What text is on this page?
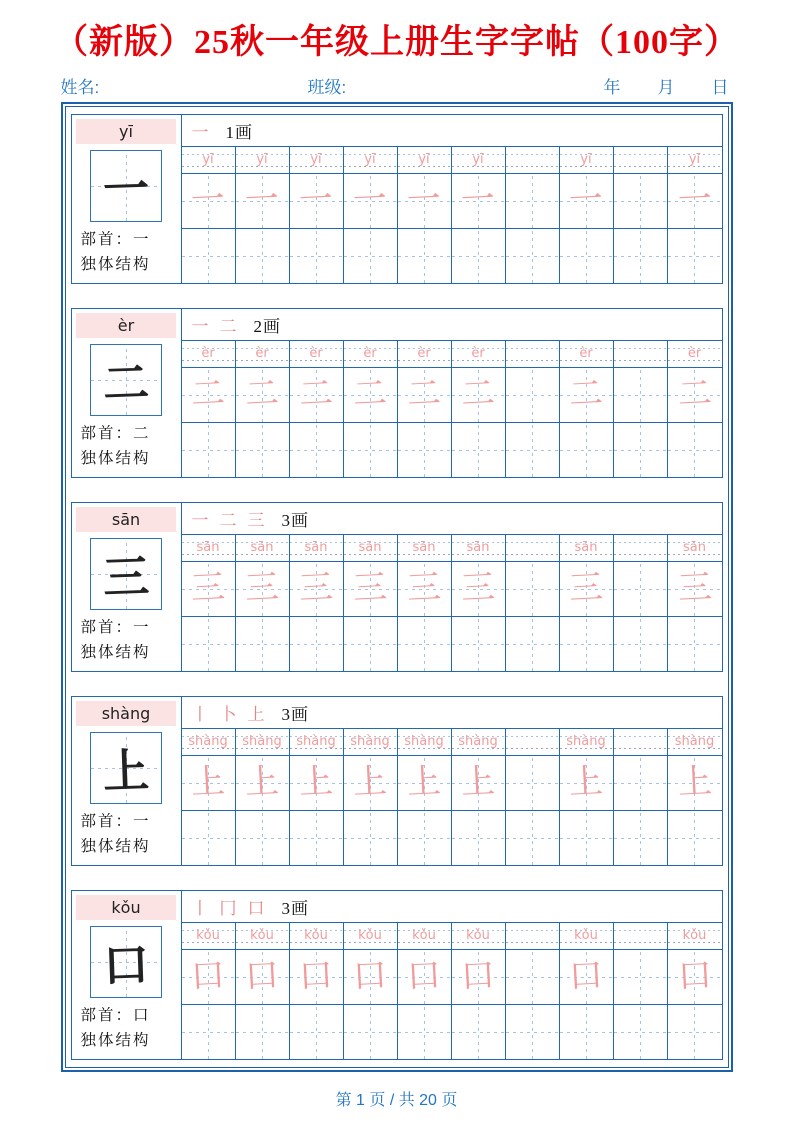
（新版）25秋一年级上册生字字帖（100字）
姓名:	班级:	年 月 日
yī
一
部首：一
独体结构
一 1画
yī	yī	yī	yī	yī	yī	yī	yī
一 一 一 一 一 一 一 一
èr
二
部首：二
独体结构
一 二 2画
èr	èr	èr	èr	èr	èr	èr	èr
二 二 二 二 二 二 二 二
sān
三
部首：一
独体结构
一 二 三 3画
sān	sān	sān	sān	sān	sān	sān	sān
三 三 三 三 三 三 三 三
shàng
上
部首：一
独体结构
丨 卜 上 3画
shàng	shàng	shàng	shàng	shàng	shàng	shàng	shàng
上 上 上 上 上 上 上 上
kǒu
口
部首：口
独体结构
丨 冂 口 3画
kǒu	kǒu	kǒu	kǒu	kǒu	kǒu	kǒu	kǒu
口 口 口 口 口 口 口 口
第 1 页 / 共 20 页
